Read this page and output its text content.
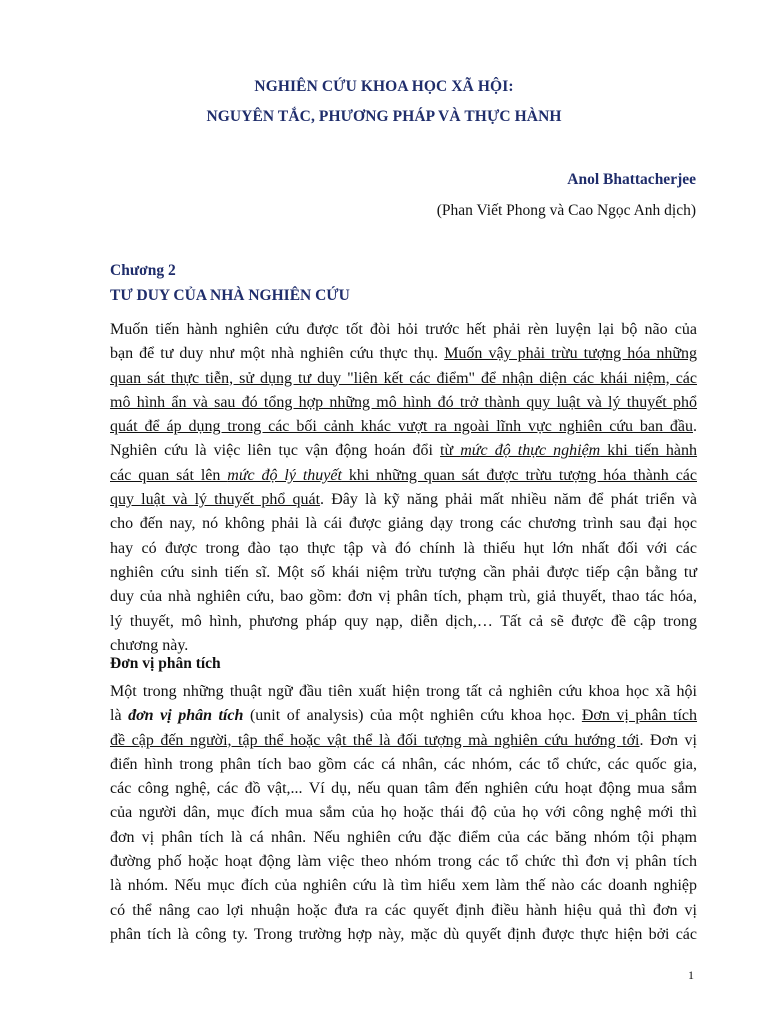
NGHIÊN CỨU KHOA HỌC XÃ HỘI:
NGUYÊN TẮC, PHƯƠNG PHÁP VÀ THỰC HÀNH
Anol Bhattacherjee
(Phan Viết Phong và Cao Ngọc Anh dịch)
Chương 2
TƯ DUY CỦA NHÀ NGHIÊN CỨU
Muốn tiến hành nghiên cứu được tốt đòi hỏi trước hết phải rèn luyện lại bộ não của
bạn để tư duy như một nhà nghiên cứu thực thụ. Muốn vậy phải trừu tượng hóa những
quan sát thực tiễn, sử dụng tư duy "liên kết các điểm" để nhận diện các khái niệm, các
mô hình ẩn và sau đó tổng hợp những mô hình đó trở thành quy luật và lý thuyết phổ
quát để áp dụng trong các bối cảnh khác vượt ra ngoài lĩnh vực nghiên cứu ban đầu.
Nghiên cứu là việc liên tục vận động hoán đổi từ mức độ thực nghiệm khi tiến hành
các quan sát lên mức độ lý thuyết khi những quan sát được trừu tượng hóa thành các
quy luật và lý thuyết phổ quát. Đây là kỹ năng phải mất nhiều năm để phát triển và
cho đến nay, nó không phải là cái được giảng dạy trong các chương trình sau đại học
hay có được trong đào tạo thực tập và đó chính là thiếu hụt lớn nhất đối với các
nghiên cứu sinh tiến sĩ. Một số khái niệm trừu tượng cần phải được tiếp cận bằng tư
duy của nhà nghiên cứu, bao gồm: đơn vị phân tích, phạm trù, giả thuyết, thao tác hóa,
lý thuyết, mô hình, phương pháp quy nạp, diễn dịch,… Tất cả sẽ được đề cập trong
chương này.
Đơn vị phân tích
Một trong những thuật ngữ đầu tiên xuất hiện trong tất cả nghiên cứu khoa học xã hội
là đơn vị phân tích (unit of analysis) của một nghiên cứu khoa học. Đơn vị phân tích
đề cập đến người, tập thể hoặc vật thể là đối tượng mà nghiên cứu hướng tới. Đơn vị
điển hình trong phân tích bao gồm các cá nhân, các nhóm, các tổ chức, các quốc gia,
các công nghệ, các đồ vật,... Ví dụ, nếu quan tâm đến nghiên cứu hoạt động mua sắm
của người dân, mục đích mua sắm của họ hoặc thái độ của họ với công nghệ mới thì
đơn vị phân tích là cá nhân. Nếu nghiên cứu đặc điểm của các băng nhóm tội phạm
đường phố hoặc hoạt động làm việc theo nhóm trong các tổ chức thì đơn vị phân tích
là nhóm. Nếu mục đích của nghiên cứu là tìm hiểu xem làm thế nào các doanh nghiệp
có thể nâng cao lợi nhuận hoặc đưa ra các quyết định điều hành hiệu quả thì đơn vị
phân tích là công ty. Trong trường hợp này, mặc dù quyết định được thực hiện bởi các
1
